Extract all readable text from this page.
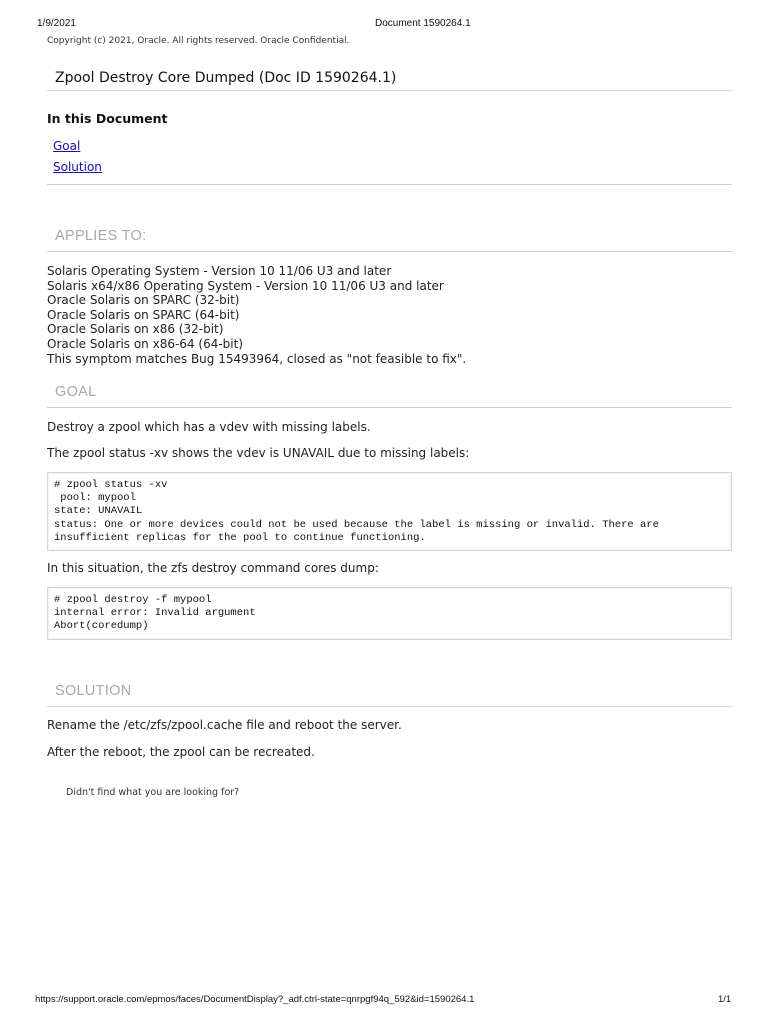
1/9/2021	Document 1590264.1
Copyright (c) 2021, Oracle. All rights reserved. Oracle Confidential.
Zpool Destroy Core Dumped (Doc ID 1590264.1)
In this Document
Goal
Solution
APPLIES TO:
Solaris Operating System - Version 10 11/06 U3 and later
Solaris x64/x86 Operating System - Version 10 11/06 U3 and later
Oracle Solaris on SPARC (32-bit)
Oracle Solaris on SPARC (64-bit)
Oracle Solaris on x86 (32-bit)
Oracle Solaris on x86-64 (64-bit)
This symptom matches Bug 15493964, closed as "not feasible to fix".
GOAL
Destroy a zpool which has a vdev with missing labels.
The zpool status -xv shows the vdev is UNAVAIL due to missing labels:
# zpool status -xv
pool: mypool
state: UNAVAIL
status: One or more devices could not be used because the label is missing or invalid. There are
insufficient replicas for the pool to continue functioning.
In this situation, the zfs destroy command cores dump:
# zpool destroy -f mypool
internal error: Invalid argument
Abort(coredump)
SOLUTION
Rename the /etc/zfs/zpool.cache file and reboot the server.
After the reboot, the zpool can be recreated.
Didn't find what you are looking for?
https://support.oracle.com/epmos/faces/DocumentDisplay?_adf.ctrl-state=qnrpgf94q_592&id=1590264.1	1/1
